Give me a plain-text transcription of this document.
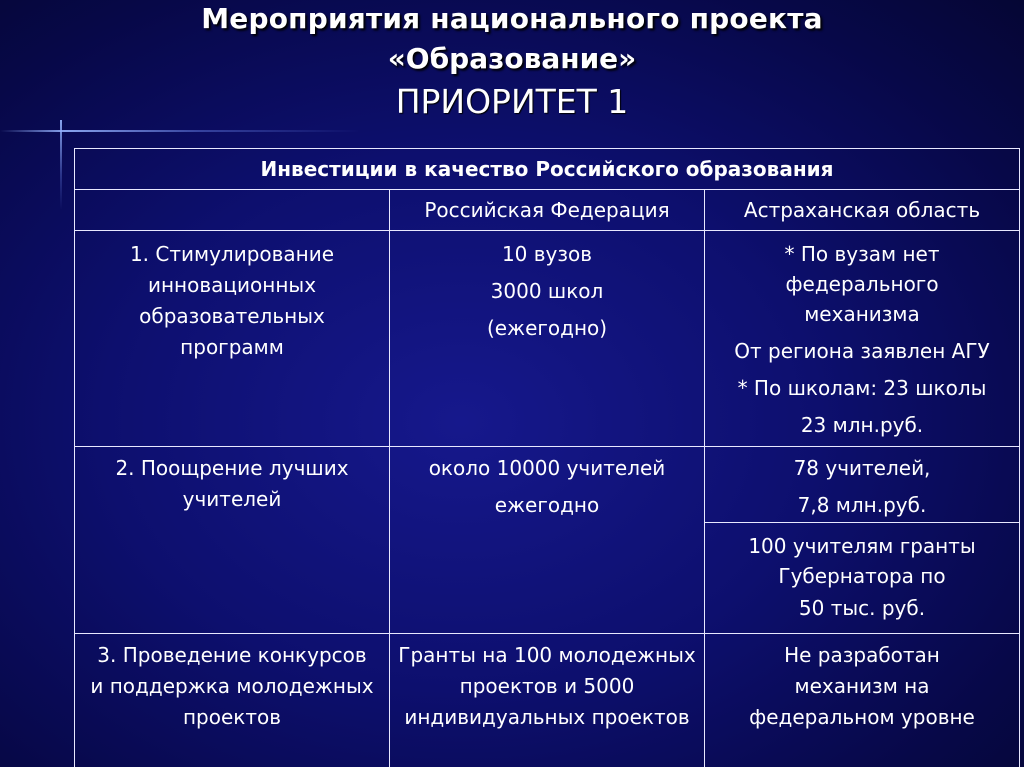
Мероприятия национального проекта
«Образование»
ПРИОРИТЕТ 1
Инвестиции в качество Российского образования
Российская Федерация	Астраханская область
1. Стимулирование инновационных образовательных программ
10 вузов
3000 школ
(ежегодно)
* По вузам нет федерального механизма
От региона заявлен АГУ
* По школам: 23 школы
23 млн.руб.
2. Поощрение лучших учителей
около 10000 учителей
ежегодно
78 учителей,
7,8 млн.руб.
100 учителям гранты Губернатора по
50 тыс. руб.
3. Проведение конкурсов и поддержка молодежных проектов
Гранты на 100 молодежных проектов и 5000 индивидуальных проектов
Не разработан механизм на федеральном уровне
